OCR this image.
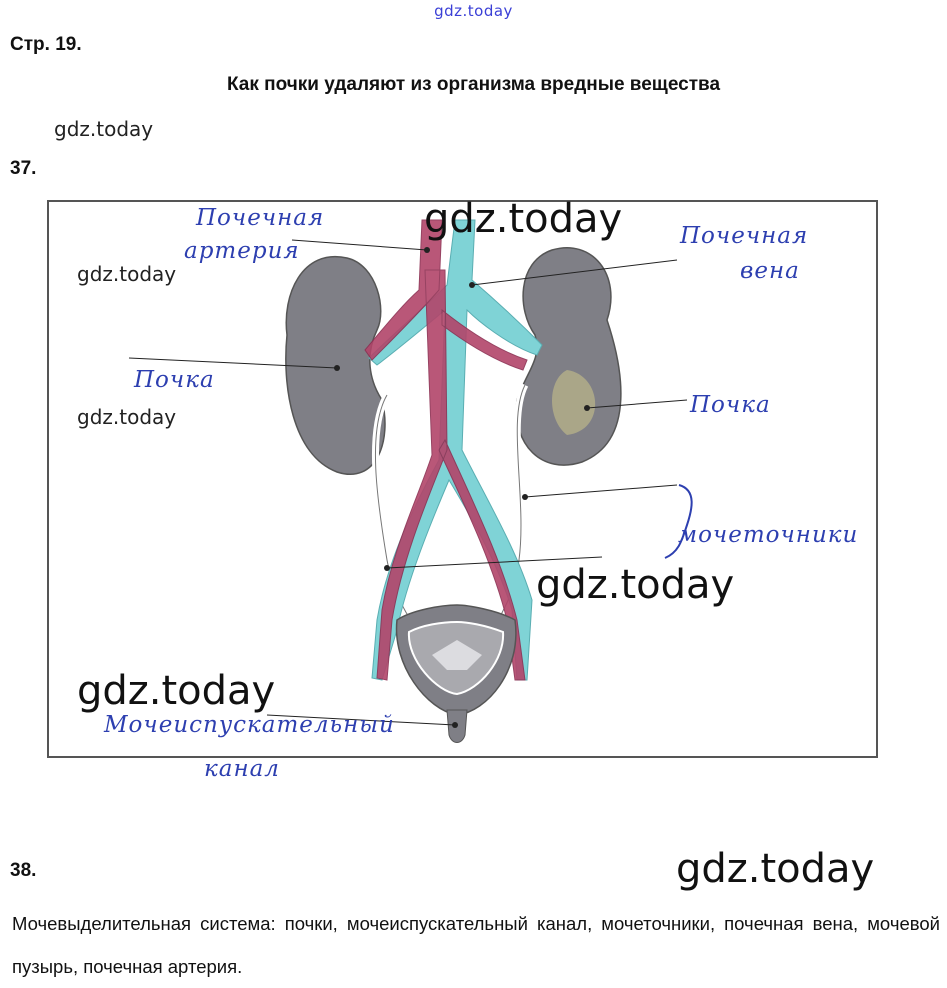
gdz.today
Стр. 19.
Как почки удаляют из организма вредные вещества
gdz.today
37.
Почечная
артерия
Почечная
вена
Почка
Почка
мочеточники
Мочеиспускательный
канал
gdz.today
gdz.today
gdz.today
gdz.today
gdz.today
38.	gdz.today
Мочевыделительная система: почки, мочеиспускательный канал, мочеточники, почечная вена, мочевой пузырь, почечная артерия.
